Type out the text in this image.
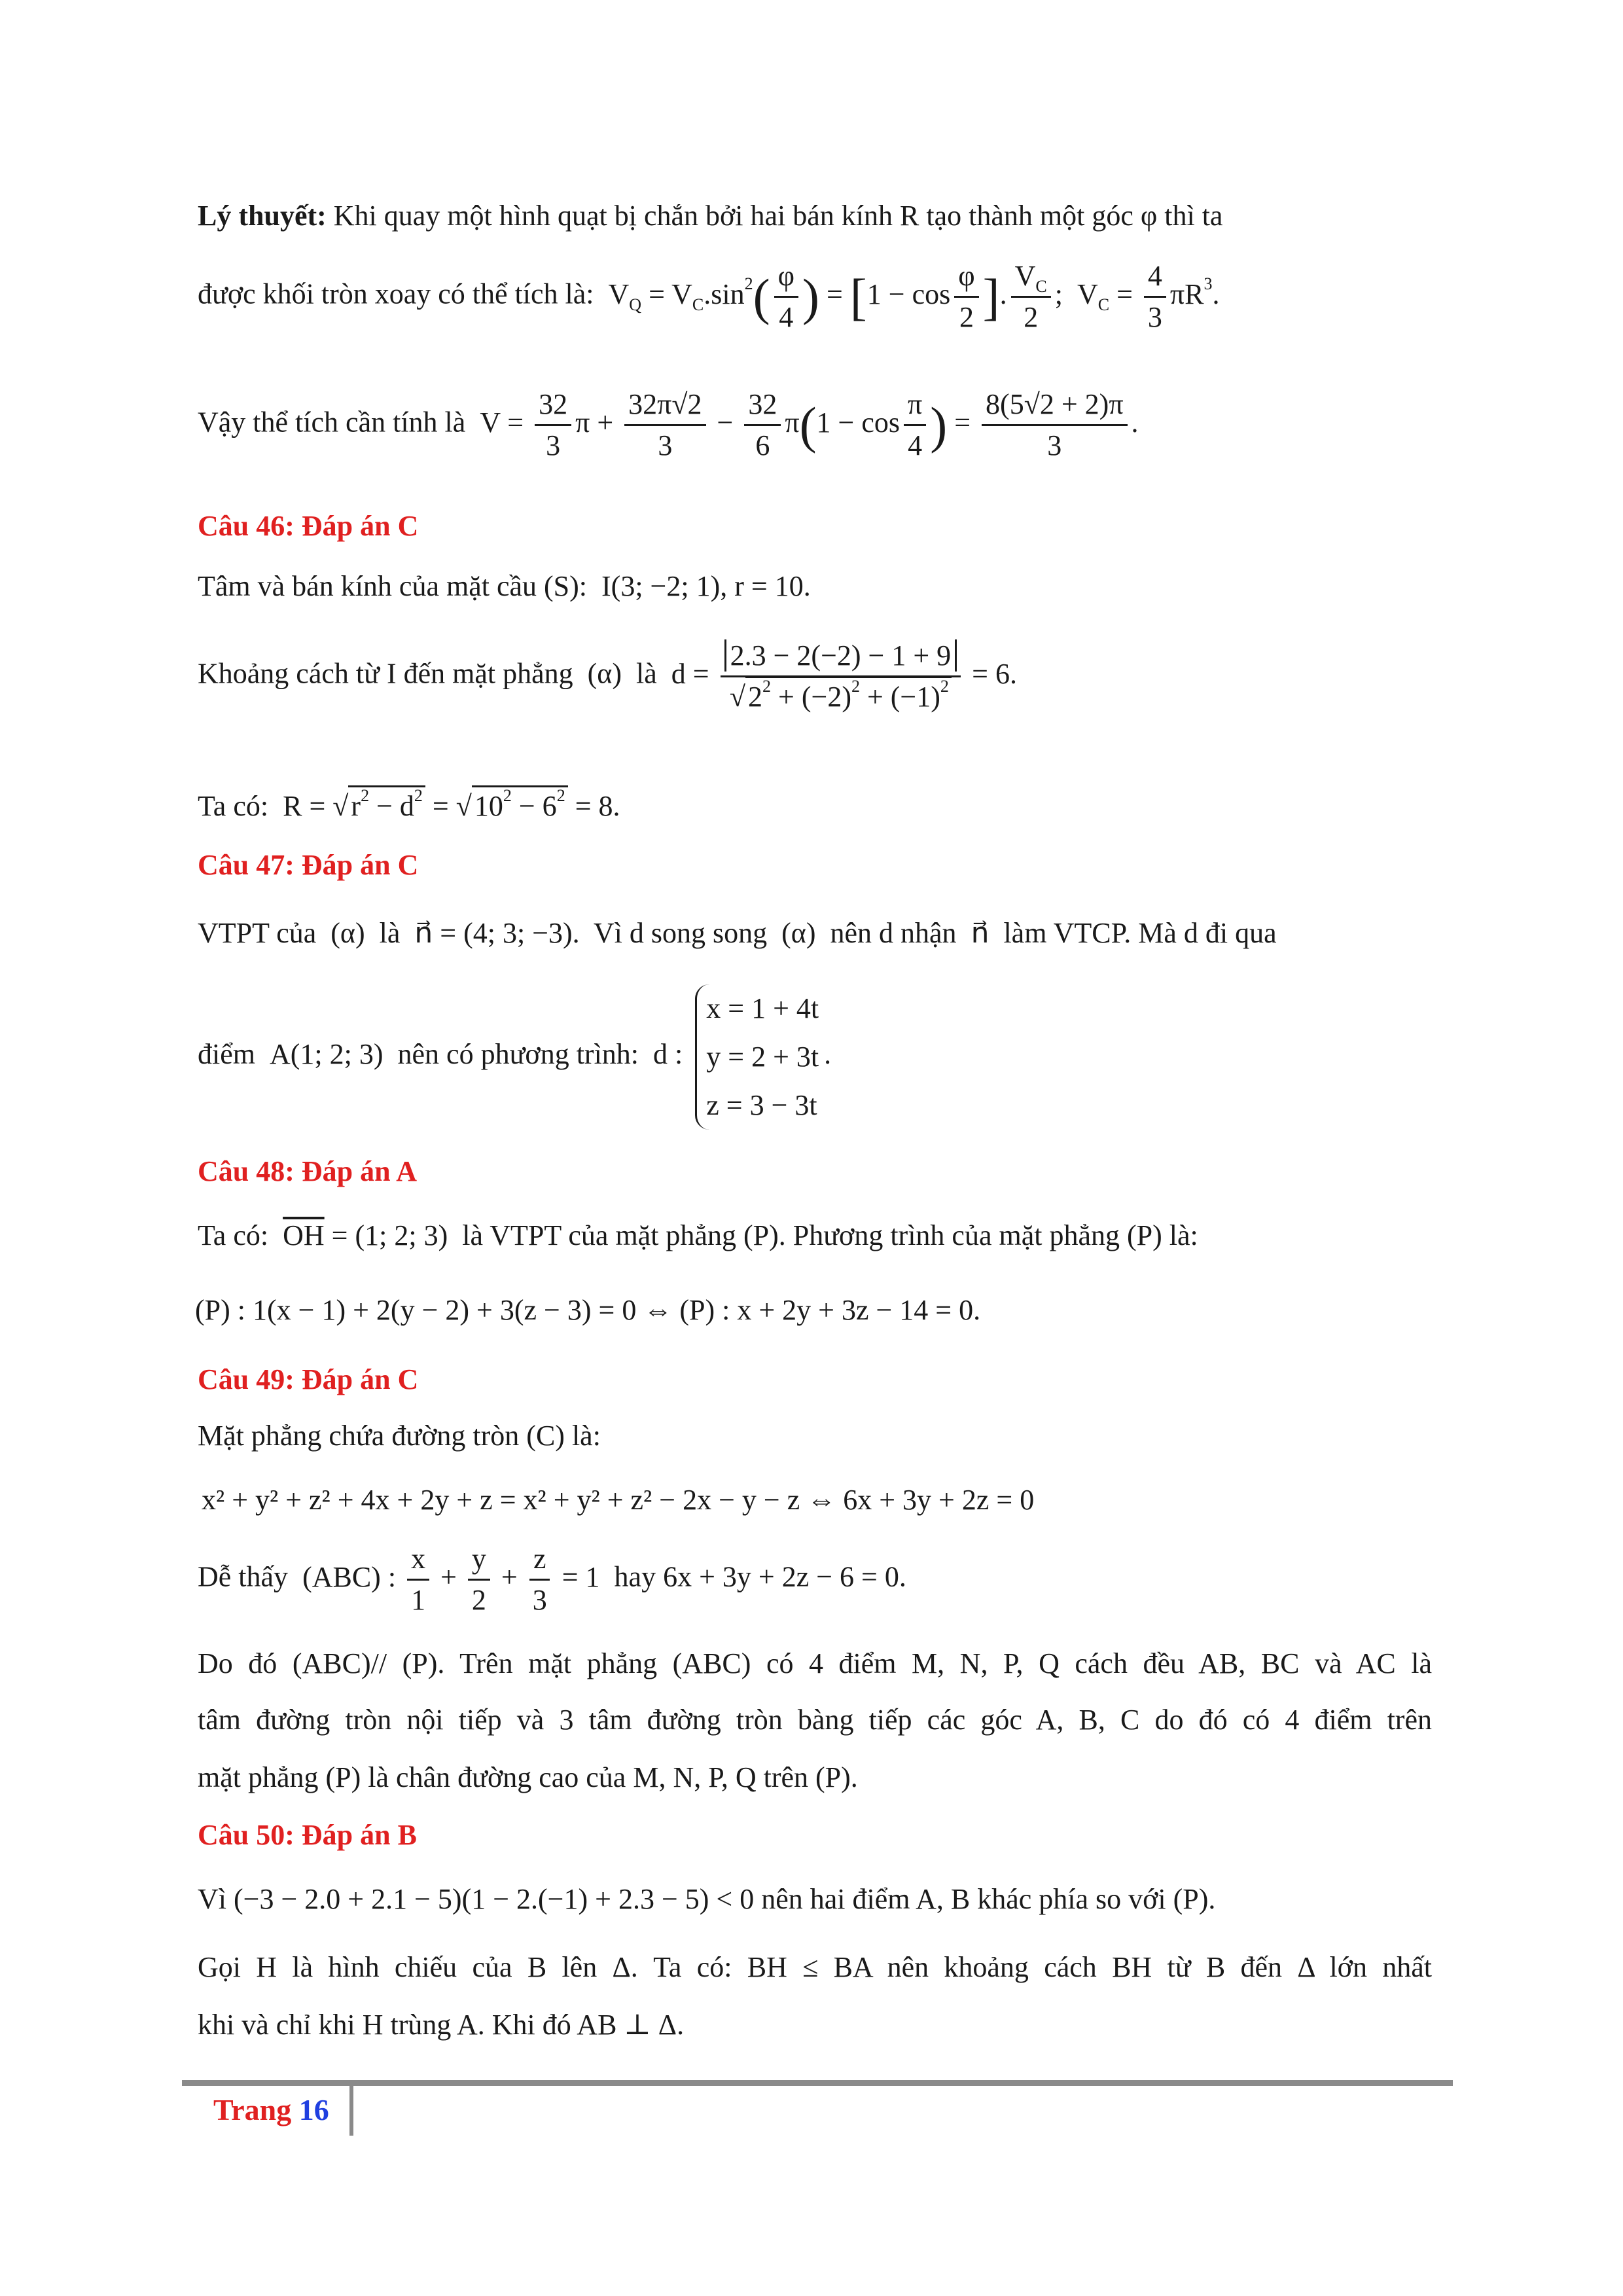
Lý thuyết: Khi quay một hình quạt bị chắn bởi hai bán kính R tạo thành một góc φ thì ta
được khối tròn xoay có thể tích là:  $V_Q = V_C.\sin^2( \frac{\varphi}{4}$ ) = [$1 - \cos \frac{\varphi}{2}$ ]. $\frac{V_C}{2}$ ;  $V_C = \frac{4}{3} \pi R^3$.
Vậy thể tích cần tính là  $V = \frac{32}{3}$ $\pi + \frac{32\pi√2}{3} - \frac{32}{6} \pi(1 - \cos \frac{\pi}{4}$ ) = $\frac{8(5√2 + 2)\pi}{3}$ .
Câu 46: Đáp án C
Tâm và bán kính của mặt cầu (S):  I(3; −2; 1), r = 10.
Khoảng cách từ I đến mặt phẳng  (α)  là  $d = \frac{2.3 - 2(-2) - 1 + 9}{√2^2 + (-2)^2 + (-1)^2} = 6$.
Ta có:  $R = √r^2 - d^2 = √10^2 - 6^2 = 8$.
Câu 47: Đáp án C
VTPT của  (α)  là  n⃗ = (4; 3; −3).  Vì d song song  (α)  nên d nhận  n⃗  làm VTCP. Mà d đi qua
điểm  A(1; 2; 3)  nên có phương trình:  d :
x = 1 + 4t
y = 2 + 3t
z = 3 − 3t
.
Câu 48: Đáp án A
Ta có: $\overline{OH} = (1$; 2; 3)  là VTPT của mặt phẳng (P). Phương trình của mặt phẳng (P) là:
(P) : 1(x − 1) + 2(y − 2) + 3(z − 3) = 0 ⇔ (P) : x + 2y + 3z − 14 = 0.
Câu 49: Đáp án C
Mặt phẳng chứa đường tròn (C) là:
x² + y² + z² + 4x + 2y + z = x² + y² + z² − 2x − y − z ⇔ 6x + 3y + 2z = 0
Dễ thấy  (ABC) : $\frac{x}{1} + \frac{y}{2} + \frac{z}{3} = 1$  hay 6x + 3y + 2z − 6 = 0.
Do đó (ABC)// (P). Trên mặt phẳng (ABC) có 4 điểm M, N, P, Q cách đều AB, BC và AC là
tâm đường tròn nội tiếp và 3 tâm đường tròn bàng tiếp các góc A, B, C do đó có 4 điểm trên
mặt phẳng (P) là chân đường cao của M, N, P, Q trên (P).
Câu 50: Đáp án B
Vì (−3 − 2.0 + 2.1 − 5)(1 − 2.(−1) + 2.3 − 5) < 0 nên hai điểm A, B khác phía so với (P).
Gọi H là hình chiếu của B lên Δ. Ta có: BH ≤ BA nên khoảng cách BH từ B đến Δ lớn nhất
khi và chỉ khi H trùng A. Khi đó AB ⊥ Δ.
Trang 16
